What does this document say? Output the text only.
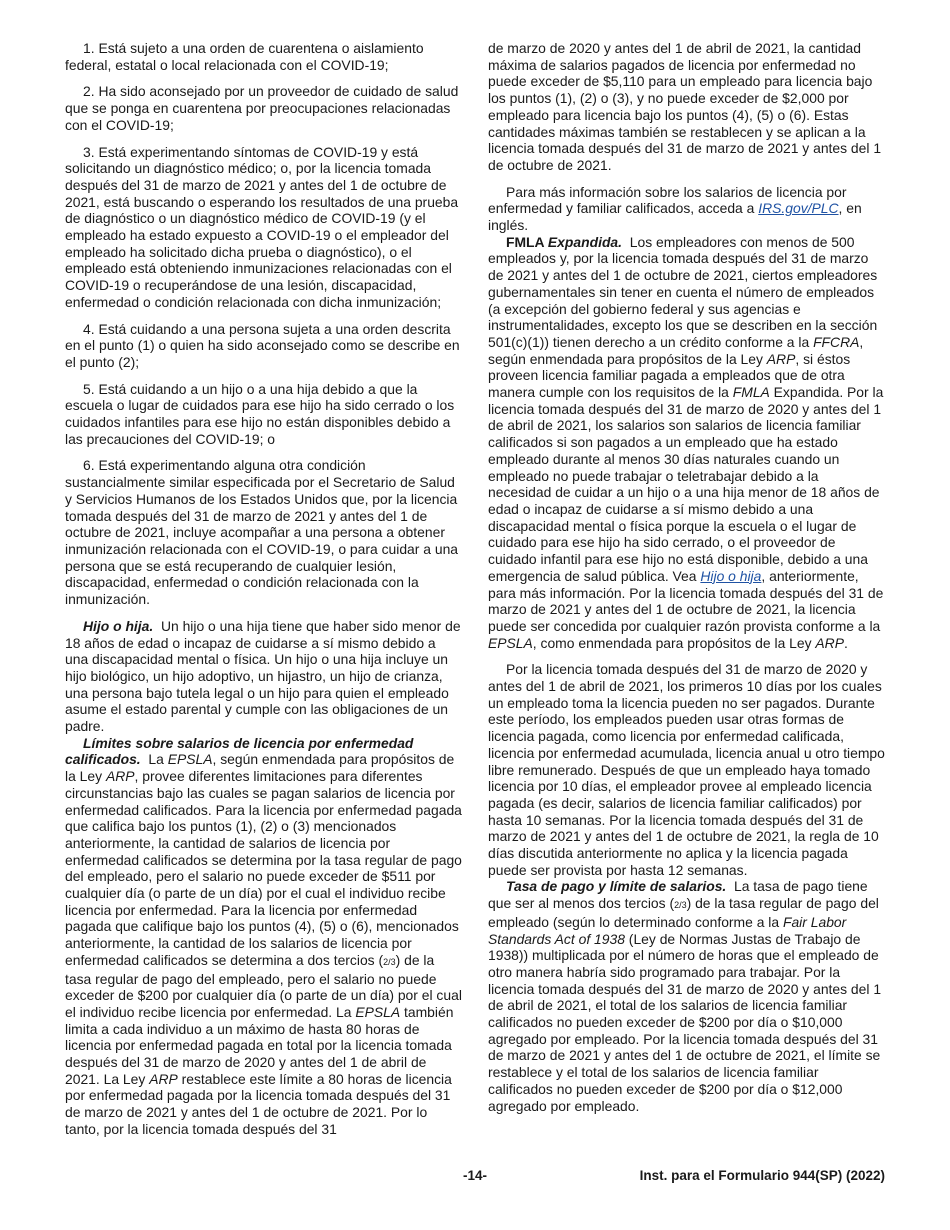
1. Está sujeto a una orden de cuarentena o aislamiento federal, estatal o local relacionada con el COVID-19;

2. Ha sido aconsejado por un proveedor de cuidado de salud que se ponga en cuarentena por preocupaciones relacionadas con el COVID-19;

3. Está experimentando síntomas de COVID-19 y está solicitando un diagnóstico médico; o, por la licencia tomada después del 31 de marzo de 2021 y antes del 1 de octubre de 2021, está buscando o esperando los resultados de una prueba de diagnóstico o un diagnóstico médico de COVID-19 (y el empleado ha estado expuesto a COVID-19 o el empleador del empleado ha solicitado dicha prueba o diagnóstico), o el empleado está obteniendo inmunizaciones relacionadas con el COVID-19 o recuperándose de una lesión, discapacidad, enfermedad o condición relacionada con dicha inmunización;

4. Está cuidando a una persona sujeta a una orden descrita en el punto (1) o quien ha sido aconsejado como se describe en el punto (2);

5. Está cuidando a un hijo o a una hija debido a que la escuela o lugar de cuidados para ese hijo ha sido cerrado o los cuidados infantiles para ese hijo no están disponibles debido a las precauciones del COVID-19; o

6. Está experimentando alguna otra condición sustancialmente similar especificada por el Secretario de Salud y Servicios Humanos de los Estados Unidos que, por la licencia tomada después del 31 de marzo de 2021 y antes del 1 de octubre de 2021, incluye acompañar a una persona a obtener inmunización relacionada con el COVID-19, o para cuidar a una persona que se está recuperando de cualquier lesión, discapacidad, enfermedad o condición relacionada con la inmunización.

Hijo o hija. Un hijo o una hija tiene que haber sido menor de 18 años de edad o incapaz de cuidarse a sí mismo debido a una discapacidad mental o física. Un hijo o una hija incluye un hijo biológico, un hijo adoptivo, un hijastro, un hijo de crianza, una persona bajo tutela legal o un hijo para quien el empleado asume el estado parental y cumple con las obligaciones de un padre.

Límites sobre salarios de licencia por enfermedad calificados. La EPSLA, según enmendada para propósitos de la Ley ARP, provee diferentes limitaciones para diferentes circunstancias bajo las cuales se pagan salarios de licencia por enfermedad calificados. Para la licencia por enfermedad pagada que califica bajo los puntos (1), (2) o (3) mencionados anteriormente, la cantidad de salarios de licencia por enfermedad calificados se determina por la tasa regular de pago del empleado, pero el salario no puede exceder de $511 por cualquier día (o parte de un día) por el cual el individuo recibe licencia por enfermedad. Para la licencia por enfermedad pagada que califique bajo los puntos (4), (5) o (6), mencionados anteriormente, la cantidad de los salarios de licencia por enfermedad calificados se determina a dos tercios (2/3) de la tasa regular de pago del empleado, pero el salario no puede exceder de $200 por cualquier día (o parte de un día) por el cual el individuo recibe licencia por enfermedad. La EPSLA también limita a cada individuo a un máximo de hasta 80 horas de licencia por enfermedad pagada en total por la licencia tomada después del 31 de marzo de 2020 y antes del 1 de abril de 2021. La Ley ARP restablece este límite a 80 horas de licencia por enfermedad pagada por la licencia tomada después del 31 de marzo de 2021 y antes del 1 de octubre de 2021. Por lo tanto, por la licencia tomada después del 31

de marzo de 2020 y antes del 1 de abril de 2021, la cantidad máxima de salarios pagados de licencia por enfermedad no puede exceder de $5,110 para un empleado para licencia bajo los puntos (1), (2) o (3), y no puede exceder de $2,000 por empleado para licencia bajo los puntos (4), (5) o (6). Estas cantidades máximas también se restablecen y se aplican a la licencia tomada después del 31 de marzo de 2021 y antes del 1 de octubre de 2021.

Para más información sobre los salarios de licencia por enfermedad y familiar calificados, acceda a IRS.gov/PLC, en inglés.

FMLA Expandida. Los empleadores con menos de 500 empleados y, por la licencia tomada después del 31 de marzo de 2021 y antes del 1 de octubre de 2021, ciertos empleadores gubernamentales sin tener en cuenta el número de empleados (a excepción del gobierno federal y sus agencias e instrumentalidades, excepto los que se describen en la sección 501(c)(1)) tienen derecho a un crédito conforme a la FFCRA, según enmendada para propósitos de la Ley ARP, si éstos proveen licencia familiar pagada a empleados que de otra manera cumple con los requisitos de la FMLA Expandida. Por la licencia tomada después del 31 de marzo de 2020 y antes del 1 de abril de 2021, los salarios son salarios de licencia familiar calificados si son pagados a un empleado que ha estado empleado durante al menos 30 días naturales cuando un empleado no puede trabajar o teletrabajar debido a la necesidad de cuidar a un hijo o a una hija menor de 18 años de edad o incapaz de cuidarse a sí mismo debido a una discapacidad mental o física porque la escuela o el lugar de cuidado para ese hijo ha sido cerrado, o el proveedor de cuidado infantil para ese hijo no está disponible, debido a una emergencia de salud pública. Vea Hijo o hija, anteriormente, para más información. Por la licencia tomada después del 31 de marzo de 2021 y antes del 1 de octubre de 2021, la licencia puede ser concedida por cualquier razón provista conforme a la EPSLA, como enmendada para propósitos de la Ley ARP.

Por la licencia tomada después del 31 de marzo de 2020 y antes del 1 de abril de 2021, los primeros 10 días por los cuales un empleado toma la licencia pueden no ser pagados. Durante este período, los empleados pueden usar otras formas de licencia pagada, como licencia por enfermedad calificada, licencia por enfermedad acumulada, licencia anual u otro tiempo libre remunerado. Después de que un empleado haya tomado licencia por 10 días, el empleador provee al empleado licencia pagada (es decir, salarios de licencia familiar calificados) por hasta 10 semanas. Por la licencia tomada después del 31 de marzo de 2021 y antes del 1 de octubre de 2021, la regla de 10 días discutida anteriormente no aplica y la licencia pagada puede ser provista por hasta 12 semanas.

Tasa de pago y límite de salarios. La tasa de pago tiene que ser al menos dos tercios (2/3) de la tasa regular de pago del empleado (según lo determinado conforme a la Fair Labor Standards Act of 1938 (Ley de Normas Justas de Trabajo de 1938)) multiplicada por el número de horas que el empleado de otro manera habría sido programado para trabajar. Por la licencia tomada después del 31 de marzo de 2020 y antes del 1 de abril de 2021, el total de los salarios de licencia familiar calificados no pueden exceder de $200 por día o $10,000 agregado por empleado. Por la licencia tomada después del 31 de marzo de 2021 y antes del 1 de octubre de 2021, el límite se restablece y el total de los salarios de licencia familiar calificados no pueden exceder de $200 por día o $12,000 agregado por empleado.

-14-	Inst. para el Formulario 944(SP) (2022)
